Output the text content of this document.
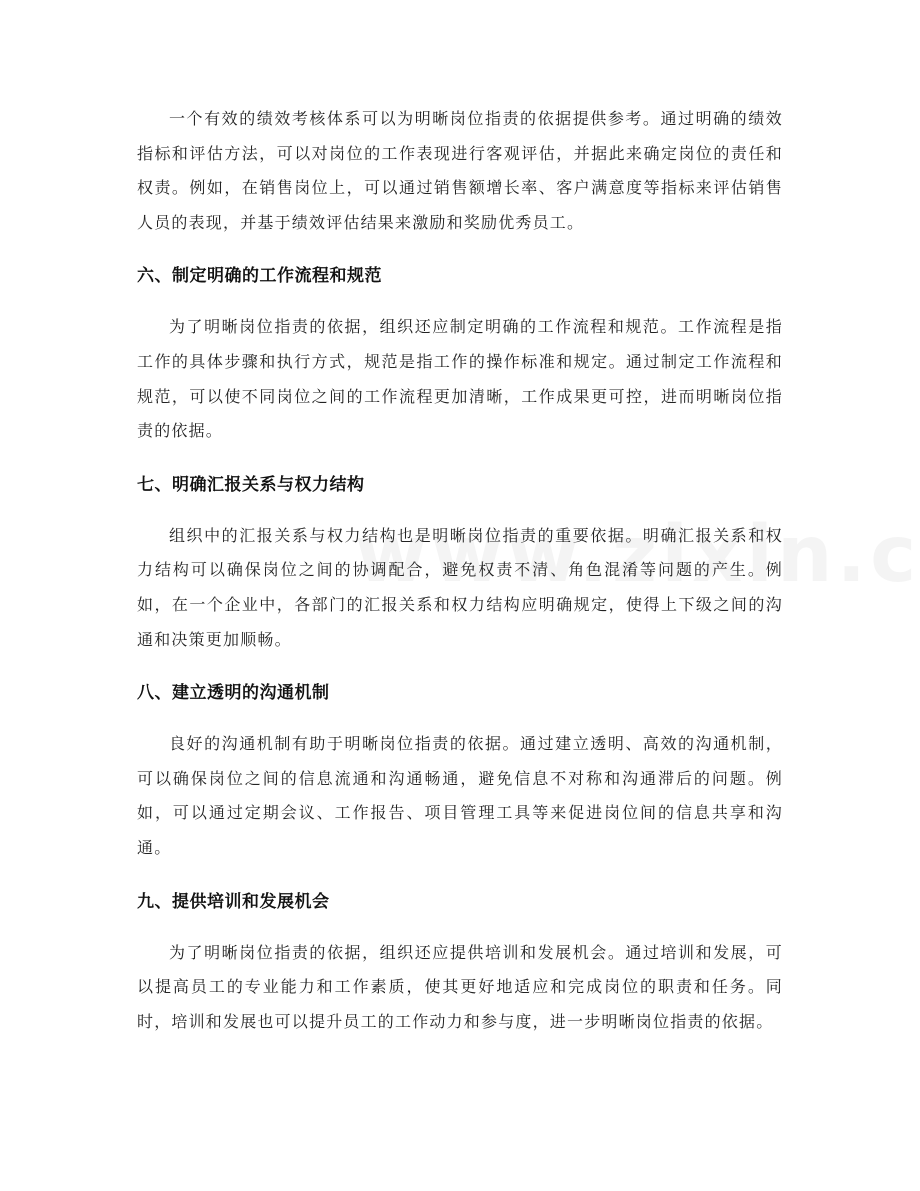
一个有效的绩效考核体系可以为明晰岗位指责的依据提供参考。通过明确的绩效指标和评估方法，可以对岗位的工作表现进行客观评估，并据此来确定岗位的责任和权责。例如，在销售岗位上，可以通过销售额增长率、客户满意度等指标来评估销售人员的表现，并基于绩效评估结果来激励和奖励优秀员工。

六、制定明确的工作流程和规范

为了明晰岗位指责的依据，组织还应制定明确的工作流程和规范。工作流程是指工作的具体步骤和执行方式，规范是指工作的操作标准和规定。通过制定工作流程和规范，可以使不同岗位之间的工作流程更加清晰，工作成果更可控，进而明晰岗位指责的依据。

七、明确汇报关系与权力结构

组织中的汇报关系与权力结构也是明晰岗位指责的重要依据。明确汇报关系和权力结构可以确保岗位之间的协调配合，避免权责不清、角色混淆等问题的产生。例如，在一个企业中，各部门的汇报关系和权力结构应明确规定，使得上下级之间的沟通和决策更加顺畅。

八、建立透明的沟通机制

良好的沟通机制有助于明晰岗位指责的依据。通过建立透明、高效的沟通机制，可以确保岗位之间的信息流通和沟通畅通，避免信息不对称和沟通滞后的问题。例如，可以通过定期会议、工作报告、项目管理工具等来促进岗位间的信息共享和沟通。

九、提供培训和发展机会

为了明晰岗位指责的依据，组织还应提供培训和发展机会。通过培训和发展，可以提高员工的专业能力和工作素质，使其更好地适应和完成岗位的职责和任务。同时，培训和发展也可以提升员工的工作动力和参与度，进一步明晰岗位指责的依据。
